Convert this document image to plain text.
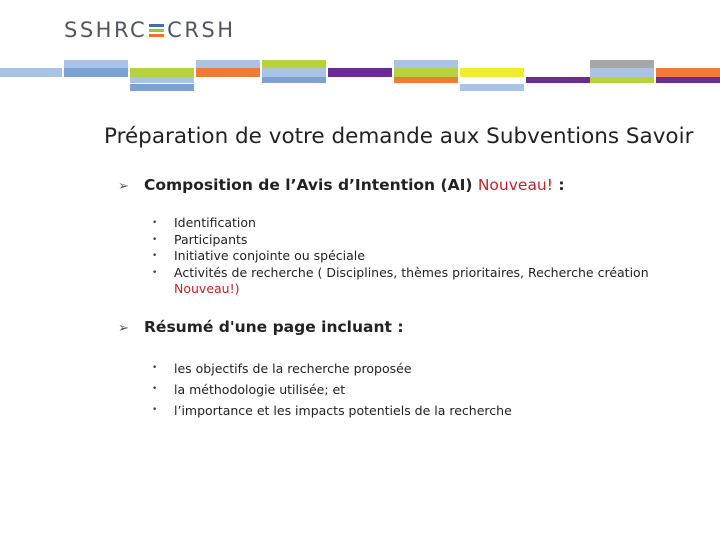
SSHRC CRSH
Préparation de votre demande aux Subventions Savoir
➢ Composition de l’Avis d’Intention (AI) Nouveau! :
• Identification
• Participants
• Initiative conjointe ou spéciale
• Activités de recherche ( Disciplines, thèmes prioritaires, Recherche création
Nouveau!)
➢ Résumé d'une page incluant :
• les objectifs de la recherche proposée
• la méthodologie utilisée; et
• l’importance et les impacts potentiels de la recherche
